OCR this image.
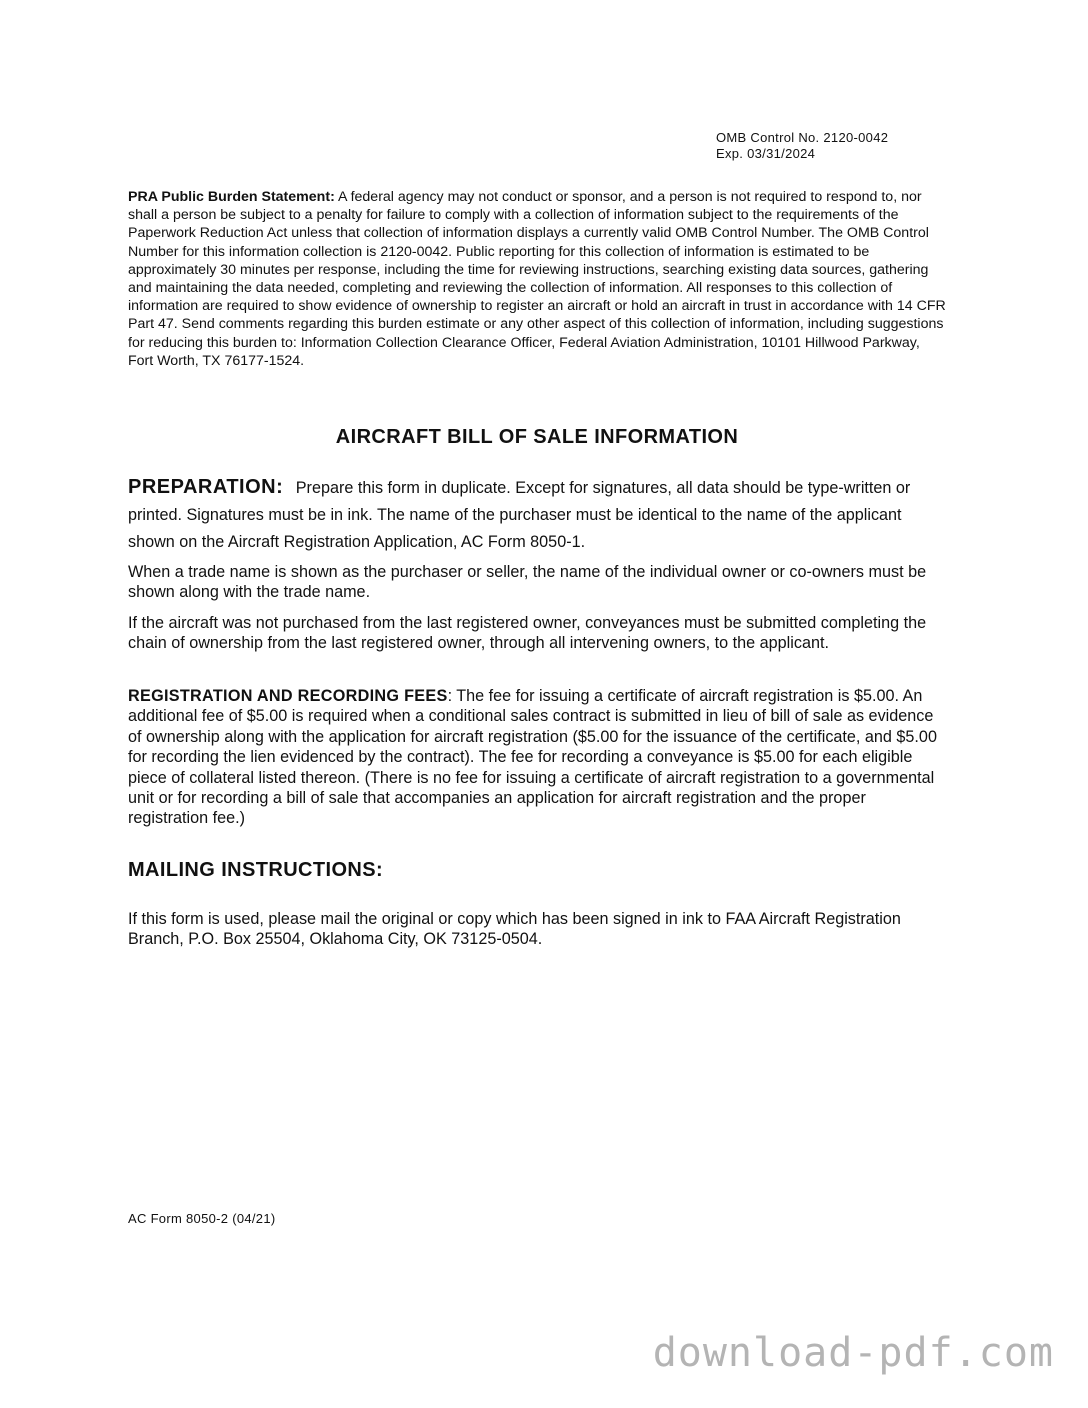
OMB Control No. 2120-0042
Exp. 03/31/2024
PRA Public Burden Statement: A federal agency may not conduct or sponsor, and a person is not required to respond to, nor shall a person be subject to a penalty for failure to comply with a collection of information subject to the requirements of the Paperwork Reduction Act unless that collection of information displays a currently valid OMB Control Number. The OMB Control Number for this information collection is 2120-0042. Public reporting for this collection of information is estimated to be approximately 30 minutes per response, including the time for reviewing instructions, searching existing data sources, gathering and maintaining the data needed, completing and reviewing the collection of information. All responses to this collection of information are required to show evidence of ownership to register an aircraft or hold an aircraft in trust in accordance with 14 CFR Part 47. Send comments regarding this burden estimate or any other aspect of this collection of information, including suggestions for reducing this burden to: Information Collection Clearance Officer, Federal Aviation Administration, 10101 Hillwood Parkway, Fort Worth, TX 76177-1524.
AIRCRAFT BILL OF SALE INFORMATION
PREPARATION: Prepare this form in duplicate. Except for signatures, all data should be type-written or printed. Signatures must be in ink. The name of the purchaser must be identical to the name of the applicant shown on the Aircraft Registration Application, AC Form 8050-1.
When a trade name is shown as the purchaser or seller, the name of the individual owner or co-owners must be shown along with the trade name.
If the aircraft was not purchased from the last registered owner, conveyances must be submitted completing the chain of ownership from the last registered owner, through all intervening owners, to the applicant.
REGISTRATION AND RECORDING FEES: The fee for issuing a certificate of aircraft registration is $5.00. An additional fee of $5.00 is required when a conditional sales contract is submitted in lieu of bill of sale as evidence of ownership along with the application for aircraft registration ($5.00 for the issuance of the certificate, and $5.00 for recording the lien evidenced by the contract). The fee for recording a conveyance is $5.00 for each eligible piece of collateral listed thereon. (There is no fee for issuing a certificate of aircraft registration to a governmental unit or for recording a bill of sale that accompanies an application for aircraft registration and the proper registration fee.)
MAILING INSTRUCTIONS:
If this form is used, please mail the original or copy which has been signed in ink to FAA Aircraft Registration Branch, P.O. Box 25504, Oklahoma City, OK 73125-0504.
AC Form 8050-2 (04/21)
download-pdf.com
